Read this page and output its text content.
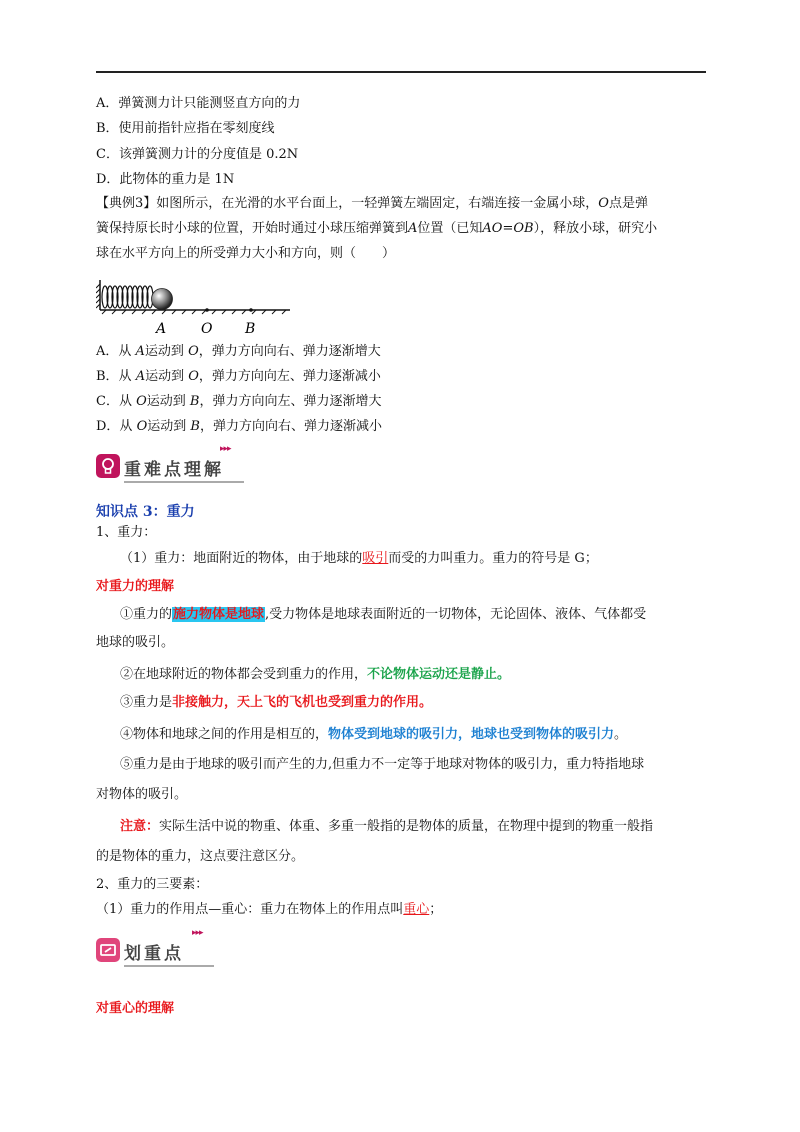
A．弹簧测力计只能测竖直方向的力
B．使用前指针应指在零刻度线
C．该弹簧测力计的分度值是 0.2N
D．此物体的重力是 1N
【典例3】如图所示，在光滑的水平台面上，一轻弹簧左端固定，右端连接一金属小球，O点是弹
簧保持原长时小球的位置，开始时通过小球压缩弹簧到A位置（已知AO=OB），释放小球，研究小
球在水平方向上的所受弹力大小和方向，则（　　）
A O B
A．从 A运动到 O，弹力方向向右、弹力逐渐增大
B．从 A运动到 O，弹力方向向左、弹力逐渐减小
C．从 O运动到 B，弹力方向向左、弹力逐渐增大
D．从 O运动到 B，弹力方向向右、弹力逐渐减小
重难点理解
▸▸▸
知识点 3：重力
1、重力：
（1）重力：地面附近的物体，由于地球的吸引而受的力叫重力。重力的符号是 G；
对重力的理解
①重力的施力物体是地球,受力物体是地球表面附近的一切物体，无论固体、液体、气体都受
地球的吸引。
②在地球附近的物体都会受到重力的作用，不论物体运动还是静止。
③重力是非接触力，天上飞的飞机也受到重力的作用。
④物体和地球之间的作用是相互的，物体受到地球的吸引力，地球也受到物体的吸引力。
⑤重力是由于地球的吸引而产生的力,但重力不一定等于地球对物体的吸引力，重力特指地球
对物体的吸引。
注意：实际生活中说的物重、体重、多重一般指的是物体的质量，在物理中提到的物重一般指
的是物体的重力，这点要注意区分。
2、重力的三要素：
（1）重力的作用点—重心：重力在物体上的作用点叫重心；
划重点
▸▸▸
对重心的理解
